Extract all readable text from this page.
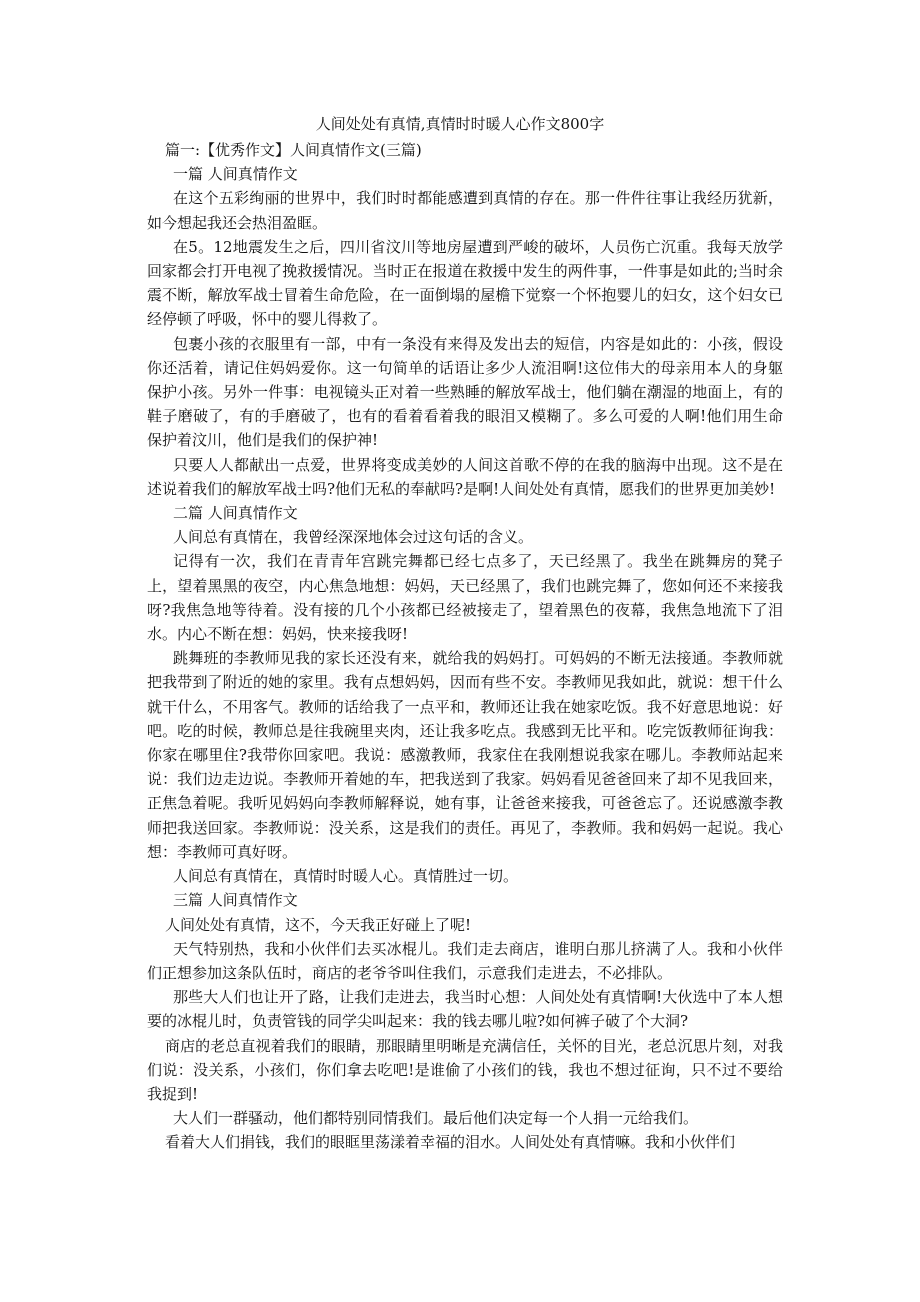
人间处处有真情,真情时时暖人心作文800字

篇一:【优秀作文】人间真情作文(三篇)

一篇 人间真情作文

在这个五彩绚丽的世界中，我们时时都能感遭到真情的存在。那一件件往事让我经历犹新，如今想起我还会热泪盈眶。

在5。12地震发生之后，四川省汶川等地房屋遭到严峻的破坏，人员伤亡沉重。我每天放学回家都会打开电视了挽救援情况。当时正在报道在救援中发生的两件事，一件事是如此的;当时余震不断，解放军战士冒着生命危险，在一面倒塌的屋檐下觉察一个怀抱婴儿的妇女，这个妇女已经停顿了呼吸，怀中的婴儿得救了。

包裹小孩的衣服里有一部，中有一条没有来得及发出去的短信，内容是如此的：小孩，假设你还活着，请记住妈妈爱你。这一句简单的话语让多少人流泪啊!这位伟大的母亲用本人的身躯保护小孩。另外一件事：电视镜头正对着一些熟睡的解放军战士，他们躺在潮湿的地面上，有的鞋子磨破了，有的手磨破了，也有的看着看着我的眼泪又模糊了。多么可爱的人啊!他们用生命保护着汶川，他们是我们的保护神!

只要人人都献出一点爱，世界将变成美妙的人间这首歌不停的在我的脑海中出现。这不是在述说着我们的解放军战士吗?他们无私的奉献吗?是啊!人间处处有真情，愿我们的世界更加美妙!

二篇 人间真情作文

人间总有真情在，我曾经深深地体会过这句话的含义。

记得有一次，我们在青青年宫跳完舞都已经七点多了，天已经黑了。我坐在跳舞房的凳子上，望着黑黑的夜空，内心焦急地想：妈妈，天已经黑了，我们也跳完舞了，您如何还不来接我呀?我焦急地等待着。没有接的几个小孩都已经被接走了，望着黑色的夜幕，我焦急地流下了泪水。内心不断在想：妈妈，快来接我呀!

跳舞班的李教师见我的家长还没有来，就给我的妈妈打。可妈妈的不断无法接通。李教师就把我带到了附近的她的家里。我有点想妈妈，因而有些不安。李教师见我如此，就说：想干什么就干什么，不用客气。教师的话给我了一点平和，教师还让我在她家吃饭。我不好意思地说：好吧。吃的时候，教师总是往我碗里夹肉，还让我多吃点。我感到无比平和。吃完饭教师征询我：你家在哪里住?我带你回家吧。我说：感激教师，我家住在我刚想说我家在哪儿。李教师站起来说：我们边走边说。李教师开着她的车，把我送到了我家。妈妈看见爸爸回来了却不见我回来，正焦急着呢。我听见妈妈向李教师解释说，她有事，让爸爸来接我，可爸爸忘了。还说感激李教师把我送回家。李教师说：没关系，这是我们的责任。再见了，李教师。我和妈妈一起说。我心想：李教师可真好呀。

人间总有真情在，真情时时暖人心。真情胜过一切。

三篇 人间真情作文

人间处处有真情，这不，今天我正好碰上了呢!

天气特别热，我和小伙伴们去买冰棍儿。我们走去商店，谁明白那儿挤满了人。我和小伙伴们正想参加这条队伍时，商店的老爷爷叫住我们，示意我们走进去，不必排队。

那些大人们也让开了路，让我们走进去，我当时心想：人间处处有真情啊!大伙选中了本人想要的冰棍儿时，负责管钱的同学尖叫起来：我的钱去哪儿啦?如何裤子破了个大洞?

商店的老总直视着我们的眼睛，那眼睛里明晰是充满信任，关怀的目光，老总沉思片刻，对我们说：没关系，小孩们，你们拿去吃吧!是谁偷了小孩们的钱，我也不想过征询，只不过不要给我捉到!

大人们一群骚动，他们都特别同情我们。最后他们决定每一个人捐一元给我们。

看着大人们捐钱，我们的眼眶里荡漾着幸福的泪水。人间处处有真情嘛。我和小伙伴们
